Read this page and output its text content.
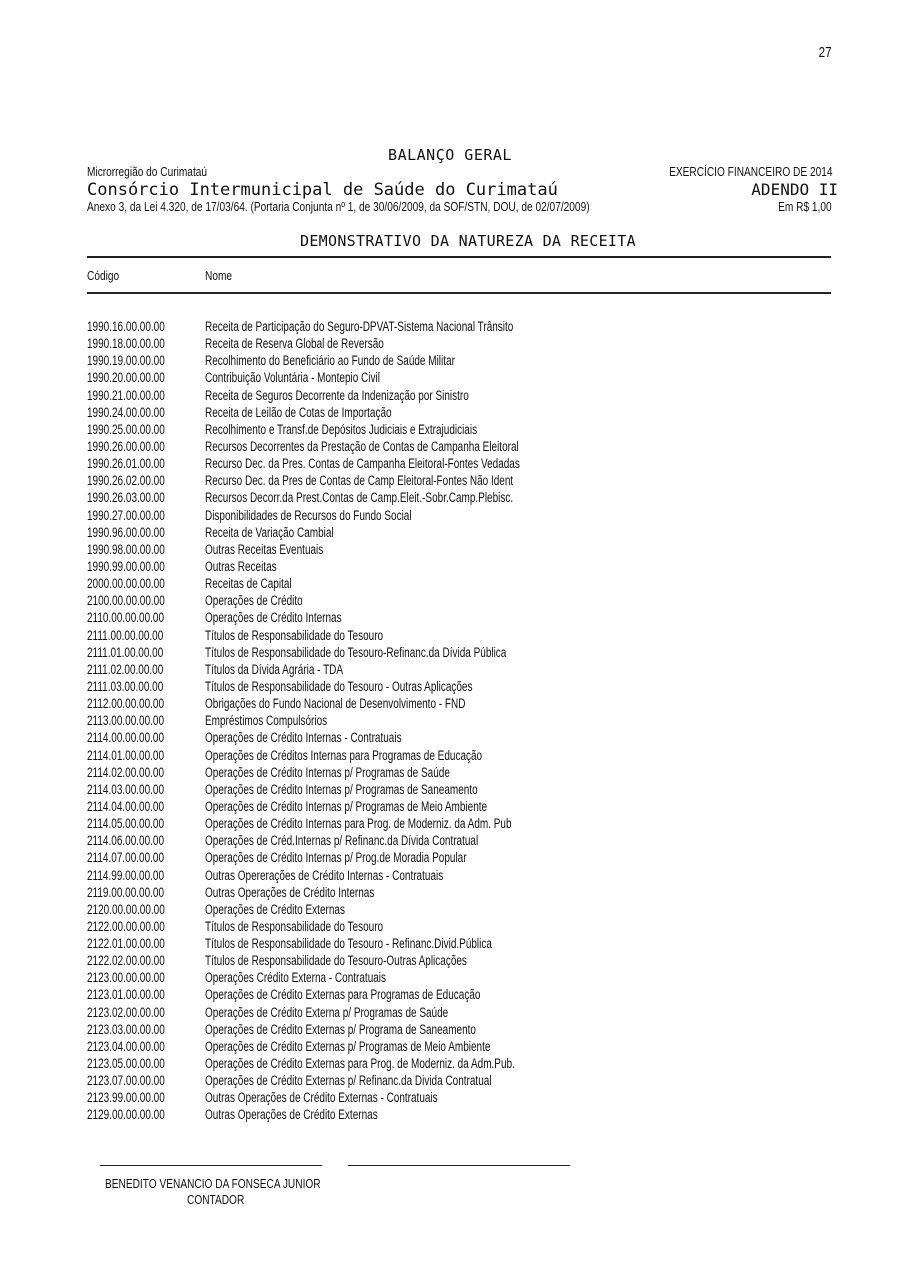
27
BALANÇO GERAL
Microrregião do Curimataú	EXERCÍCIO FINANCEIRO DE 2014
Consórcio Intermunicipal de Saúde do Curimataú	ADENDO II
Anexo 3, da Lei 4.320, de 17/03/64. (Portaria Conjunta nº 1, de 30/06/2009, da SOF/STN, DOU, de 02/07/2009)	Em R$ 1,00
DEMONSTRATIVO DA NATUREZA DA RECEITA
Código	Nome
1990.16.00.00.00	Receita de Participação do Seguro-DPVAT-Sistema Nacional Trânsito
1990.18.00.00.00	Receita de Reserva Global de Reversão
1990.19.00.00.00	Recolhimento do Beneficiário ao Fundo de Saúde Militar
1990.20.00.00.00	Contribuição Voluntária - Montepio Civil
1990.21.00.00.00	Receita de Seguros Decorrente da Indenização por Sinistro
1990.24.00.00.00	Receita de Leilão de Cotas de Importação
1990.25.00.00.00	Recolhimento e Transf.de Depósitos Judiciais e Extrajudiciais
1990.26.00.00.00	Recursos Decorrentes da Prestação de Contas de Campanha Eleitoral
1990.26.01.00.00	Recurso Dec. da Pres. Contas de Campanha Eleitoral-Fontes Vedadas
1990.26.02.00.00	Recurso Dec. da Pres de Contas de Camp Eleitoral-Fontes Não Ident
1990.26.03.00.00	Recursos Decorr.da Prest.Contas de Camp.Eleit.-Sobr.Camp.Plebisc.
1990.27.00.00.00	Disponibilidades de Recursos do Fundo Social
1990.96.00.00.00	Receita de Variação Cambial
1990.98.00.00.00	Outras Receitas Eventuais
1990.99.00.00.00	Outras Receitas
2000.00.00.00.00	Receitas de Capital
2100.00.00.00.00	Operações de Crédito
2110.00.00.00.00	Operações de Crédito Internas
2111.00.00.00.00	Títulos de Responsabilidade do Tesouro
2111.01.00.00.00	Títulos de Responsabilidade do Tesouro-Refinanc.da Dívida Pública
2111.02.00.00.00	Títulos da Dívida Agrária - TDA
2111.03.00.00.00	Títulos de Responsabilidade do Tesouro - Outras Aplicações
2112.00.00.00.00	Obrigações do Fundo Nacional de Desenvolvimento - FND
2113.00.00.00.00	Empréstimos Compulsórios
2114.00.00.00.00	Operações de Crédito Internas - Contratuais
2114.01.00.00.00	Operações de Créditos Internas para Programas de Educação
2114.02.00.00.00	Operações de Crédito Internas p/ Programas de Saúde
2114.03.00.00.00	Operações de Crédito Internas p/ Programas de Saneamento
2114.04.00.00.00	Operações de Crédito Internas p/ Programas de Meio Ambiente
2114.05.00.00.00	Operações de Crédito Internas para Prog. de Moderniz. da Adm. Pub
2114.06.00.00.00	Operações de Créd.Internas p/ Refinanc.da Dívida Contratual
2114.07.00.00.00	Operações de Crédito Internas p/ Prog.de Moradia Popular
2114.99.00.00.00	Outras Opererações de Crédito Internas - Contratuais
2119.00.00.00.00	Outras Operações de Crédito Internas
2120.00.00.00.00	Operações de Crédito Externas
2122.00.00.00.00	Títulos de Responsabilidade do Tesouro
2122.01.00.00.00	Títulos de Responsabilidade do Tesouro - Refinanc.Divid.Pública
2122.02.00.00.00	Títulos de Responsabilidade do Tesouro-Outras Aplicações
2123.00.00.00.00	Operações Crédito Externa - Contratuais
2123.01.00.00.00	Operações de Crédito Externas para Programas de Educação
2123.02.00.00.00	Operações de Crédito Externa p/ Programas de Saúde
2123.03.00.00.00	Operações de Crédito Externas p/ Programa de Saneamento
2123.04.00.00.00	Operações de Crédito Externas p/ Programas de Meio Ambiente
2123.05.00.00.00	Operações de Crédito Externas para Prog. de Moderniz. da Adm.Pub.
2123.07.00.00.00	Operações de Crédito Externas p/ Refinanc.da Divida Contratual
2123.99.00.00.00	Outras Operações de Crédito Externas - Contratuais
2129.00.00.00.00	Outras Operações de Crédito Externas
BENEDITO VENANCIO DA FONSECA JUNIOR
CONTADOR
